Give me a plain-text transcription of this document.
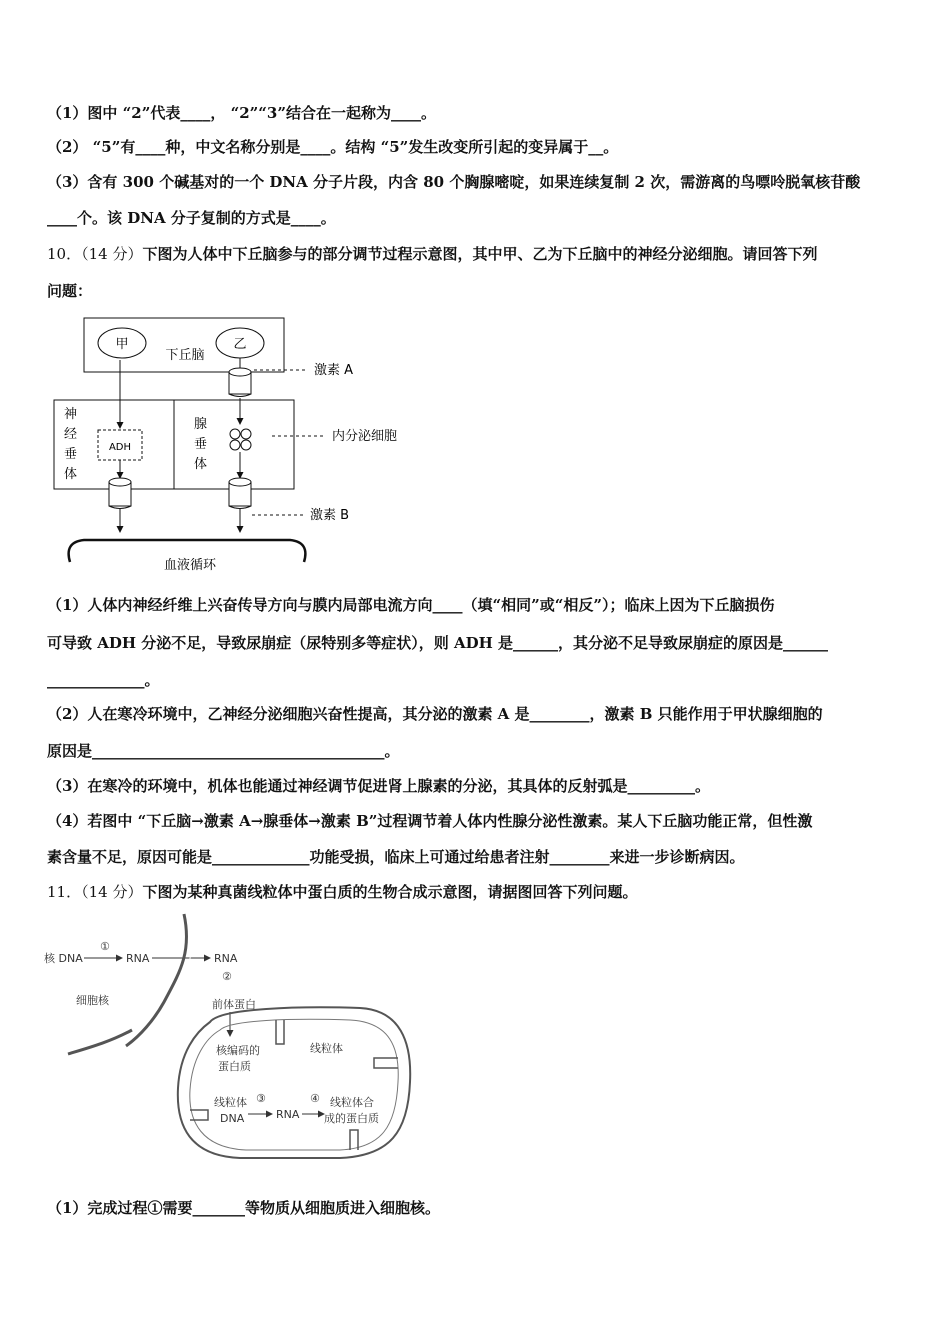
（1）图中 “2”代表____， “2”“3”结合在一起称为____。
（2） “5”有____种，中文名称分别是____。结构 “5”发生改变所引起的变异属于__。
（3）含有 300 个碱基对的一个 DNA 分子片段，内含 80 个胸腺嘧啶，如果连续复制 2 次，需游离的鸟嘌呤脱氧核苷酸
____个。该 DNA 分子复制的方式是____。
10．（14 分）下图为人体中下丘脑参与的部分调节过程示意图，其中甲、乙为下丘脑中的神经分泌细胞。请回答下列
问题：
甲
下丘脑
乙
神
经
垂
体
腺
垂
体
ADH
激素 A
内分泌细胞
激素 B
血液循环
（1）人体内神经纤维上兴奋传导方向与膜内局部电流方向____（填“相同”或“相反”）；临床上因为下丘脑损伤
可导致 ADH 分泌不足，导致尿崩症（尿特别多等症状），则 ADH 是______，其分泌不足导致尿崩症的原因是______
_____________。
（2）人在寒冷环境中，乙神经分泌细胞兴奋性提高，其分泌的激素 A 是________，激素 B 只能作用于甲状腺细胞的
原因是_______________________________________。
（3）在寒冷的环境中，机体也能通过神经调节促进肾上腺素的分泌，其具体的反射弧是_________。
（4）若图中 “下丘脑→激素 A→腺垂体→激素 B”过程调节着人体内性腺分泌性激素。某人下丘脑功能正常，但性激
素含量不足，原因可能是_____________功能受损，临床上可通过给患者注射________来进一步诊断病因。
11．（14 分）下图为某种真菌线粒体中蛋白质的生物合成示意图，请据图回答下列问题。
核 DNA
①
RNA	RNA
②
细胞核	前体蛋白
核编码的
蛋白质
线粒体
线粒体
DNA
③
RNA
④ 线粒体合
成的蛋白质
（1）完成过程①需要_______等物质从细胞质进入细胞核。
